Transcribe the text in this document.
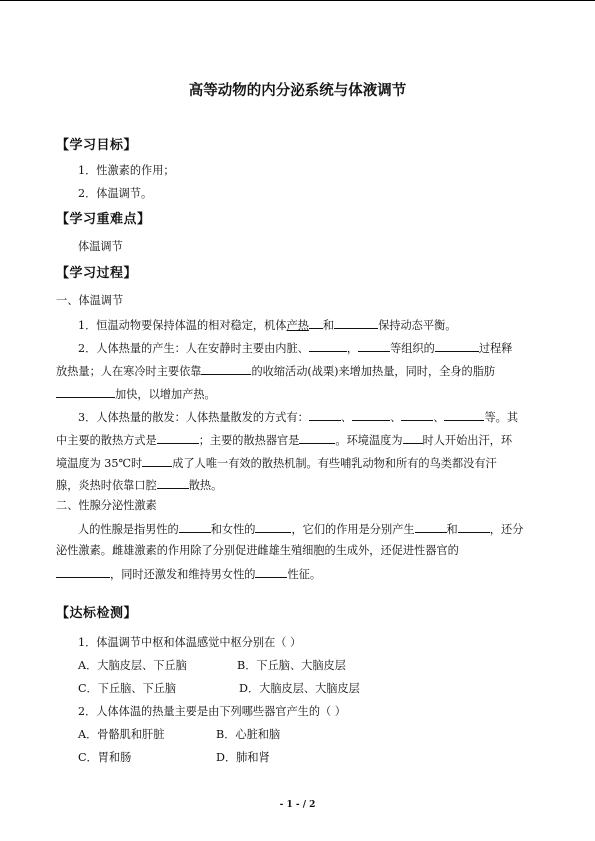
高等动物的内分泌系统与体液调节
【学习目标】
1．性激素的作用；
2．体温调节。
【学习重难点】
体温调节
【学习过程】
一、体温调节
1．恒温动物要保持体温的相对稳定，机体产热 和	保持动态平衡。
2．人体热量的产生：人在安静时主要由内脏、	，	等组织的	过程释
放热量；人在寒冷时主要依靠	的收缩活动(战栗)来增加热量，同时，全身的脂肪
加快，以增加产热。
3．人体热量的散发：人体热量散发的方式有：	、	、	、	等。其
中主要的散热方式是	；主要的散热器官是	。环境温度为 时人开始出汗，环
境温度为 35℃时	成了人唯一有效的散热机制。有些哺乳动物和所有的鸟类都没有汗
腺，炎热时依靠口腔	散热。
二、性腺分泌性激素
人的性腺是指男性的	和女性的	，它们的作用是分别产生	和	，还分
泌性激素。雌雄激素的作用除了分别促进雌雄生殖细胞的生成外，还促进性器官的
，同时还激发和维持男女性的	性征。
【达标检测】
1．体温调节中枢和体温感觉中枢分别在（ ）
A．大脑皮层、下丘脑	B．下丘脑、大脑皮层
C．下丘脑、下丘脑	D．大脑皮层、大脑皮层
2．人体体温的热量主要是由下列哪些器官产生的（ ）
A．骨骼肌和肝脏	B．心脏和脑
C．胃和肠	D．肺和肾
- 1 - / 2
